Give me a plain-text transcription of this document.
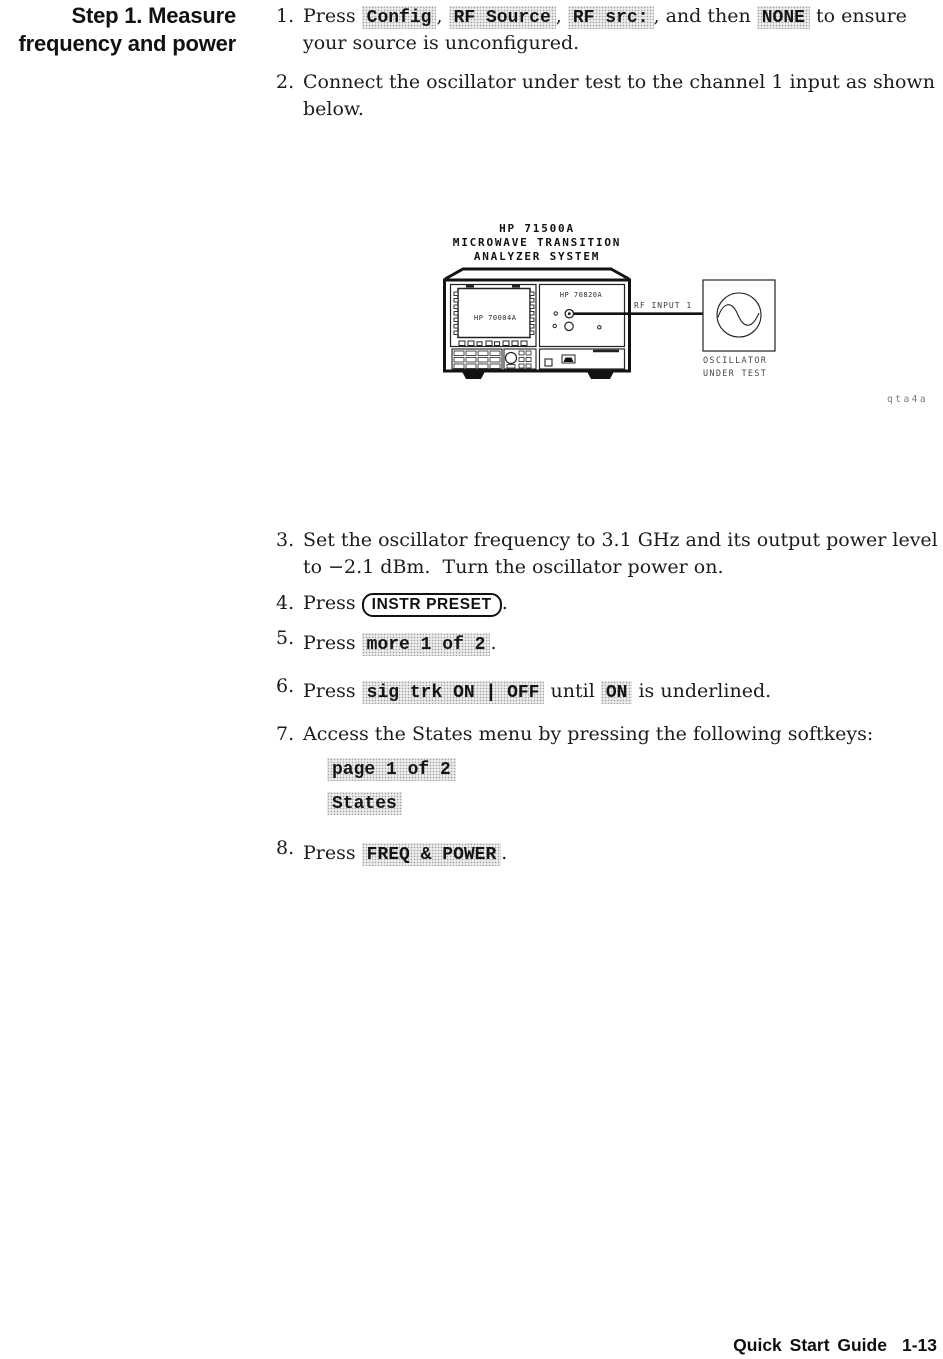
Step 1. Measure
frequency and power
1. Press Config , RF Source , RF src: , and then NONE to ensure
your source is unconfigured.
2. Connect the oscillator under test to the channel 1 input as shown
below.
HP 71500A
MICROWAVE TRANSITION
ANALYZER SYSTEM
HP 70004A
HP 70820A
RF INPUT 1
OSCILLATOR
UNDER TEST
qta4a
3. Set the oscillator frequency to 3.1 GHz and its output power level
to −2.1 dBm.  Turn the oscillator power on.
4. Press INSTR PRESET .
5. Press more 1 of 2 .
6. Press sig trk ON | OFF until ON is underlined.
7. Access the States menu by pressing the following softkeys:
page 1 of 2
States
8. Press FREQ & POWER .
Quick Start Guide 1-13
